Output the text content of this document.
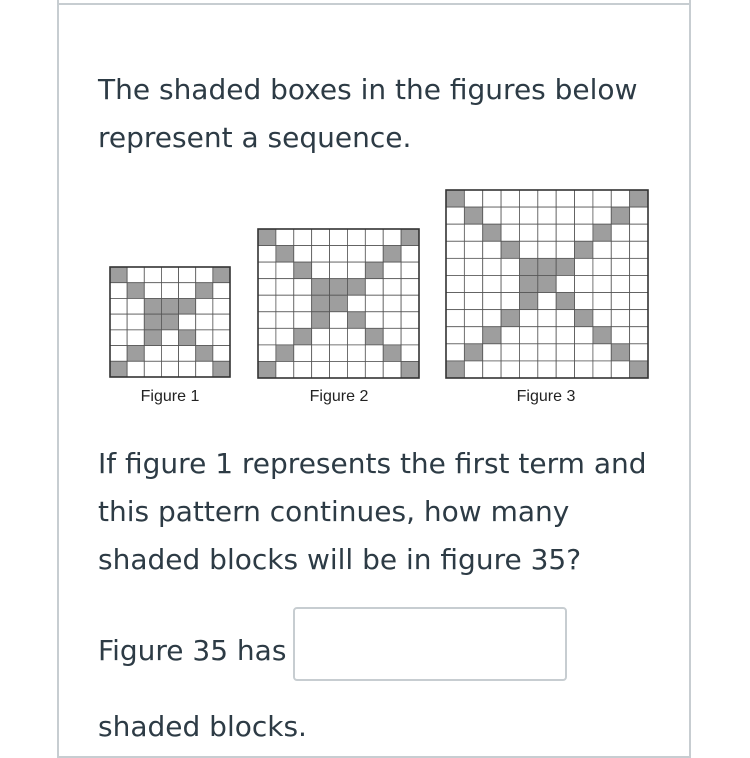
The shaded boxes in the figures below represent a sequence.

Figure 1	Figure 2	Figure 3

If figure 1 represents the first term and this pattern continues, how many shaded blocks will be in figure 35?

Figure 35 has

shaded blocks.
